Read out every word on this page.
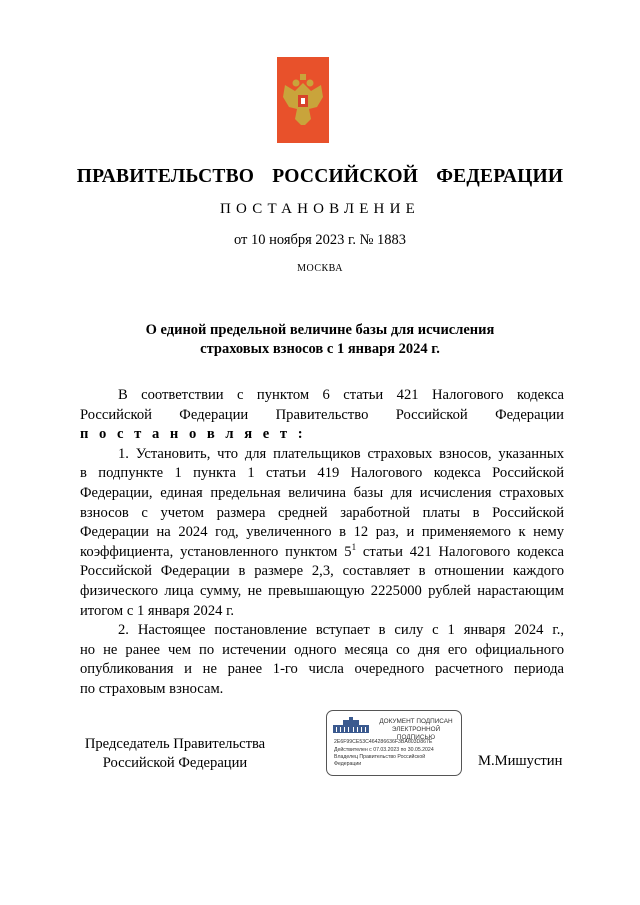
ПРАВИТЕЛЬСТВО  РОССИЙСКОЙ  ФЕДЕРАЦИИ
ПОСТАНОВЛЕНИЕ
от 10 ноября 2023 г. № 1883
МОСКВА
О единой предельной величине базы для исчисления
страховых взносов с 1 января 2024 г.
В соответствии с пунктом 6 статьи 421 Налогового кодекса
Российской Федерации Правительство Российской Федерации
п о с т а н о в л я е т :
1. Установить, что для плательщиков страховых взносов, указанных
в подпункте 1 пункта 1 статьи 419 Налогового кодекса Российской
Федерации, единая предельная величина базы для исчисления страховых
взносов с учетом размера средней заработной платы в Российской
Федерации на 2024 год, увеличенного в 12 раз, и применяемого к нему
коэффициента, установленного пунктом $5^1$ статьи 421 Налогового кодекса
Российской Федерации в размере 2,3, составляет в отношении каждого
физического лица сумму, не превышающую 2225000 рублей нарастающим
итогом с 1 января 2024 г.
2. Настоящее постановление вступает в силу с 1 января 2024 г.,
но не ранее чем по истечении одного месяца со дня его официального
опубликования и не ранее 1-го числа очередного расчетного периода
по страховым взносам.
Председатель Правительства
Российской Федерации	М.Мишустин
ДОКУМЕНТ ПОДПИСАН
ЭЛЕКТРОННОЙ ПОДПИСЬЮ
2E6F99CE53C464286636F3BA603D867E
Действителен с 07.03.2023 по 30.05.2024
Владелец Правительство Российской
Федерации
